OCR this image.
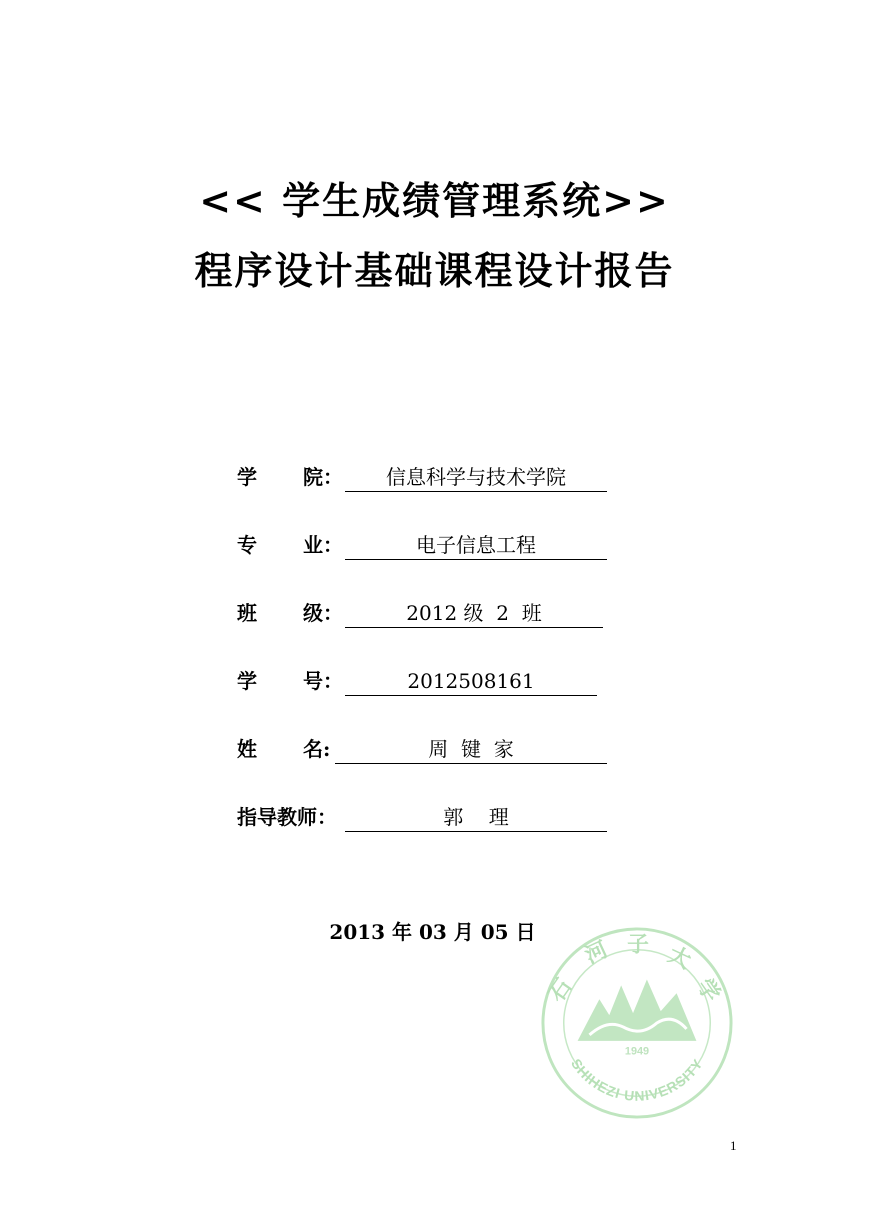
<< 学生成绩管理系统>>
程序设计基础课程设计报告
学 院：	信息科学与技术学院
专 业：	电子信息工程
班 级：	2012 级  2  班
学 号：	2012508161
姓 名:	周  键  家
指导教师：	郭    理
2013 年 03 月 05 日
1949
石
河 子 大
学
SHIHEZI UNIVERSITY
1
